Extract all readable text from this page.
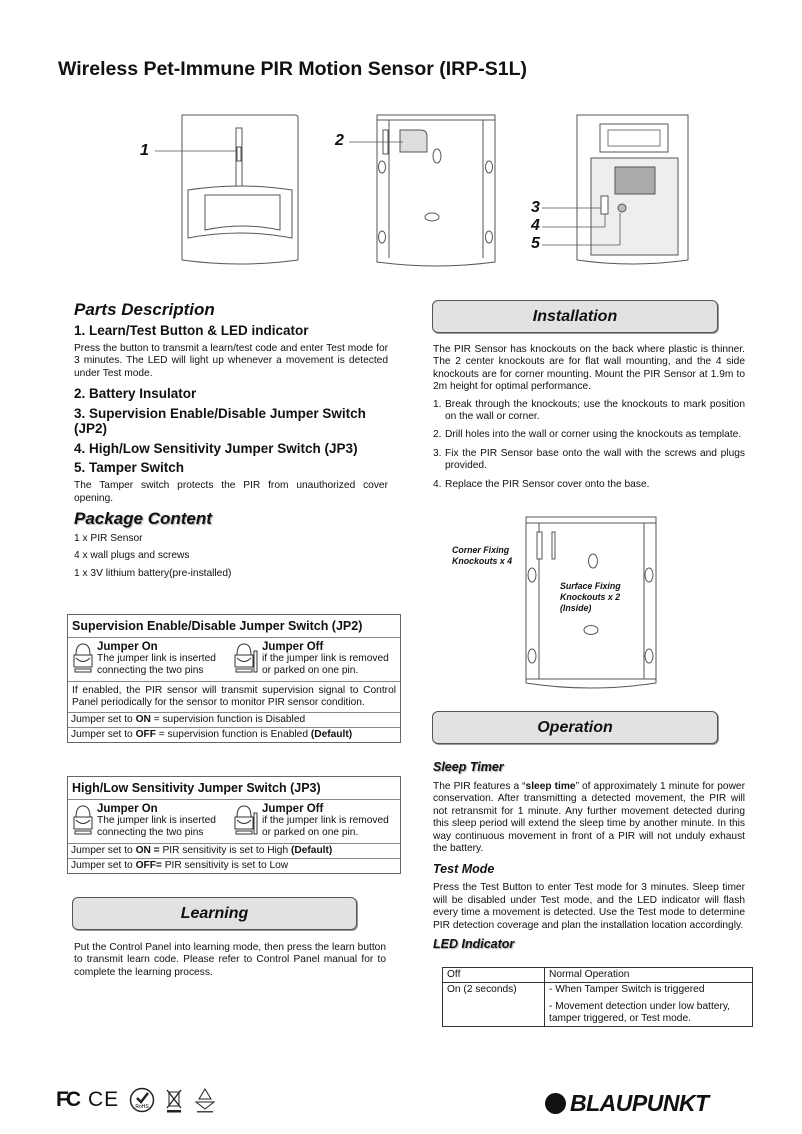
Wireless Pet-Immune PIR Motion Sensor (IRP-S1L)
1
2
3
4
5
Parts Description
1. Learn/Test Button & LED indicator
Press the button to transmit a learn/test code and enter Test mode for 3 minutes. The LED will light up whenever a movement is detected under Test mode.
2. Battery Insulator
3. Supervision Enable/Disable Jumper Switch (JP2)
4. High/Low Sensitivity Jumper Switch (JP3)
5. Tamper Switch
The Tamper switch protects the PIR from unauthorized cover opening.
Package Content
1 x PIR Sensor
4 x wall plugs and screws
1 x 3V lithium battery(pre-installed)
Supervision Enable/Disable Jumper Switch (JP2)
Jumper On
The jumper link is inserted
connecting the two pins
Jumper Off
if the jumper link is removed
or parked on one pin.
If enabled, the PIR sensor will transmit supervision signal to Control Panel periodically for the sensor to monitor PIR sensor condition.
Jumper set to ON = supervision function is Disabled
Jumper set to OFF = supervision function is Enabled (Default)
High/Low Sensitivity Jumper Switch (JP3)
Jumper On
The jumper link is inserted
connecting the two pins
Jumper Off
if the jumper link is removed
or parked on one pin.
Jumper set to ON = PIR sensitivity is set to High (Default)
Jumper set to OFF= PIR sensitivity is set to Low
Learning
Put the Control Panel into learning mode, then press the learn button to transmit learn code. Please refer to Control Panel manual for to complete the learning process.
Installation
The PIR Sensor has knockouts on the back where plastic is thinner. The 2 center knockouts are for flat wall mounting, and the 4 side knockouts are for corner mounting. Mount the PIR Sensor at 1.9m to 2m height for optimal performance.
1. Break through the knockouts; use the knockouts to mark position on the wall or corner.
2. Drill holes into the wall or corner using the knockouts as template.
3. Fix the PIR Sensor base onto the wall with the screws and plugs provided.
4. Replace the PIR Sensor cover onto the base.
Corner Fixing
Knockouts x 4
Surface Fixing
Knockouts x 2
(Inside)
Operation
Sleep Timer
The PIR features a “sleep time” of approximately 1 minute for power conservation. After transmitting a detected movement, the PIR will not retransmit for 1 minute. Any further movement detected during this sleep period will extend the sleep time by another minute. In this way continuous movement in front of a PIR will not unduly exhaust the battery.
Test Mode
Press the Test Button to enter Test mode for 3 minutes. Sleep timer will be disabled under Test mode, and the LED indicator will flash every time a movement is detected. Use the Test mode to determine PIR detection coverage and plan the installation location accordingly.
LED Indicator
Off	Normal Operation
On (2 seconds)	- When Tamper Switch is triggered
- Movement detection under low battery, tamper triggered, or Test mode.
FC CE	RoHS	BLAUPUNKT
